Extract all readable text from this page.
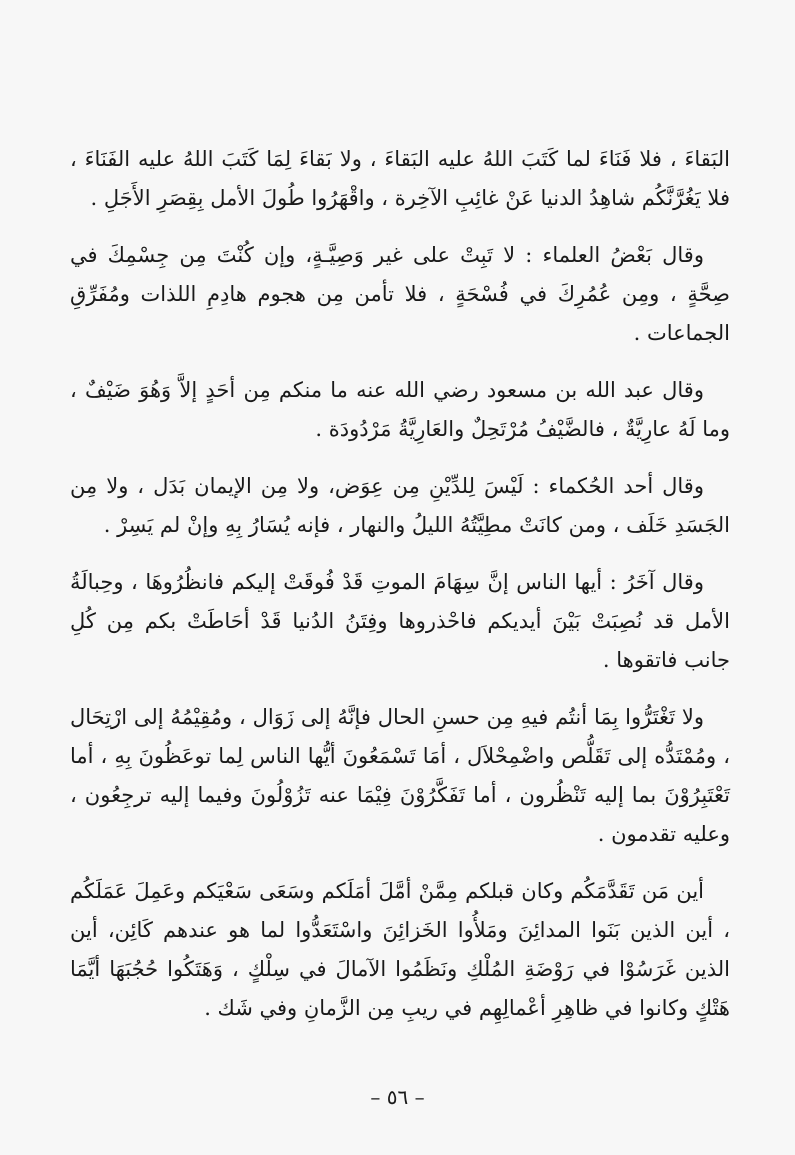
البَقاءَ ، فلا فَنَاءَ لما كَتَبَ اللهُ عليه البَقاءَ ، ولا بَقاءَ لِمَا كَتَبَ اللهُ عليه الفَنَاءَ ، فلا يَغُرَّنَّكُم شاهِدُ الدنيا عَنْ غائِبِ الآخِرة ، واقْهَرُوا طُولَ الأمل بِقِصَرِ الأَجَلِ .

وقال بَعْضُ العلماء : لا تَبِتْ على غير وَصِيَّـةٍ، وإن كُنْتَ مِن جِسْمِكَ في صِحَّةٍ ، ومِن عُمُرِكَ في فُسْحَةٍ ، فلا تأمن مِن هجوم هادِمِ اللذات ومُفَرِّقِ الجماعات .

وقال عبد الله بن مسعود رضي الله عنه ما منكم مِن أحَدٍ إلاَّ وَهُوَ ضَيْفٌ ، وما لَهُ عارِيَّةٌ ، فالضَّيْفُ مُرْتَحِلٌ والعَارِيَّةُ مَرْدُودَة .

وقال أحد الحُكماء : لَيْسَ لِلدِّيْنِ مِن عِوَض، ولا مِن الإيمان بَدَل ، ولا مِن الجَسَدِ خَلَف ، ومن كانَتْ مطِيَّتُهُ الليلُ والنهار ، فإنه يُسَارُ بِهِ وإنْ لم يَسِرْ .

وقال آخَرُ : أيها الناس إنَّ سِهَامَ الموتِ قَدْ فُوقَتْ إليكم فانظُرُوهَا ، وحِبالَةُ الأمل قد نُصِبَتْ بَيْنَ أيديكم فاحْذروها وفِتَنُ الدُنيا قَدْ أحَاطَتْ بكم مِن كُلِ جانب فاتقوها .

ولا تَغْتَرُّوا بِمَا أنتُم فيهِ مِن حسنِ الحال فإنَّهُ إلى زَوَال ، ومُقِيْمُهُ إلى ارْتِحَال ، ومُمْتَدُّه إلى تَقَلُّص واضْمِحْلاَل ، أمَا تَسْمَعُونَ أيُّها الناس لِما توعَظُونَ بِهِ ، أما تَعْتَبِرُوْنَ بما إليه تَنْظُرون ، أما تَفَكَّرُوْنَ فِيْمَا عنه تَزُوْلُونَ وفيما إليه ترجِعُون ، وعليه تقدمون .

أين مَن تَقَدَّمَكُم وكان قبلكم مِمَّنْ أمَّلَ أمَلَكم وسَعَى سَعْيَكم وعَمِلَ عَمَلَكُم ، أين الذين بَنَوا المدائِنَ ومَلأُوا الخَزائِنَ واسْتَعَدُّوا لما هو عندهم كَائِن، أين الذين غَرَسُوْا في رَوْضَةِ المُلْكِ ونَظَمُوا الآمالَ في سِلْكٍ ، وَهَتَكُوا حُجُبَهَا أيَّمَا هَتْكٍ وكانوا في ظاهِرِ أعْمالِهِم في ريبِ مِن الزَّمانِ وفي شَك .

– ٥٦ –
